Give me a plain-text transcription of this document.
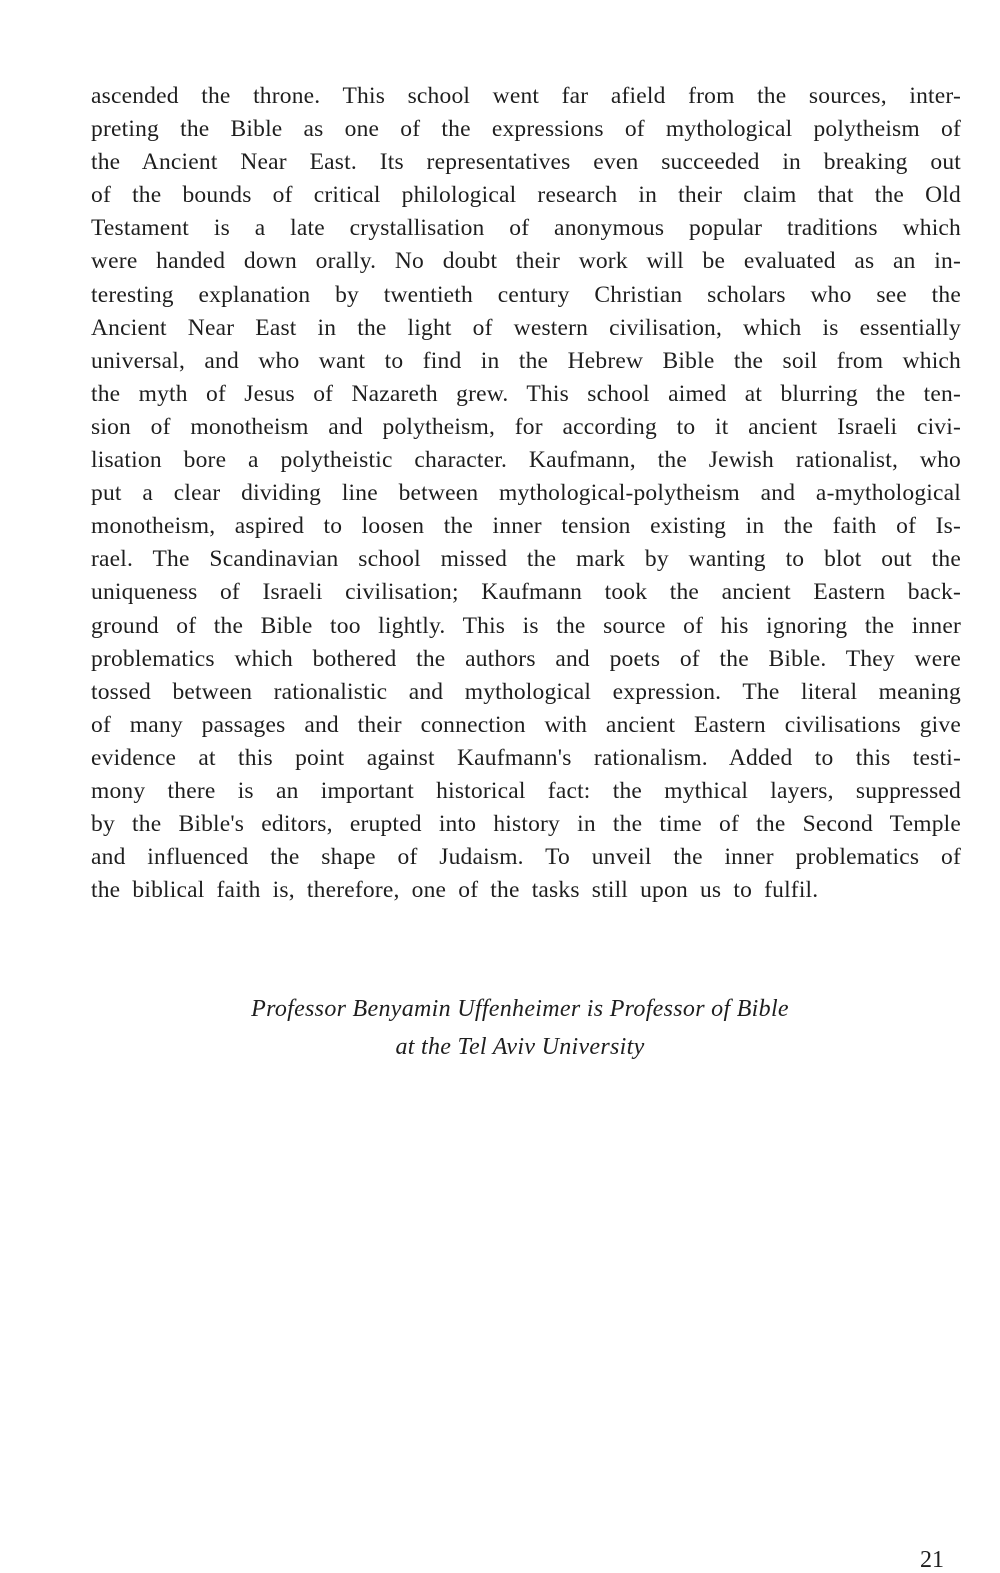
ascended the throne. This school went far afield from the sources, inter-
preting the Bible as one of the expressions of mythological polytheism of
the Ancient Near East. Its representatives even succeeded in breaking out
of the bounds of critical philological research in their claim that the Old
Testament is a late crystallisation of anonymous popular traditions which
were handed down orally. No doubt their work will be evaluated as an in-
teresting explanation by twentieth century Christian scholars who see the
Ancient Near East in the light of western civilisation, which is essentially
universal, and who want to find in the Hebrew Bible the soil from which
the myth of Jesus of Nazareth grew. This school aimed at blurring the ten-
sion of monotheism and polytheism, for according to it ancient Israeli civi-
lisation bore a polytheistic character. Kaufmann, the Jewish rationalist, who
put a clear dividing line between mythological-polytheism and a-mythological
monotheism, aspired to loosen the inner tension existing in the faith of Is-
rael. The Scandinavian school missed the mark by wanting to blot out the
uniqueness of Israeli civilisation; Kaufmann took the ancient Eastern back-
ground of the Bible too lightly. This is the source of his ignoring the inner
problematics which bothered the authors and poets of the Bible. They were
tossed between rationalistic and mythological expression. The literal meaning
of many passages and their connection with ancient Eastern civilisations give
evidence at this point against Kaufmann's rationalism. Added to this testi-
mony there is an important historical fact: the mythical layers, suppressed
by the Bible's editors, erupted into history in the time of the Second Temple
and influenced the shape of Judaism. To unveil the inner problematics of
the biblical faith is, therefore, one of the tasks still upon us to fulfil.
Professor Benyamin Uffenheimer is Professor of Bible
at the Tel Aviv University
21
